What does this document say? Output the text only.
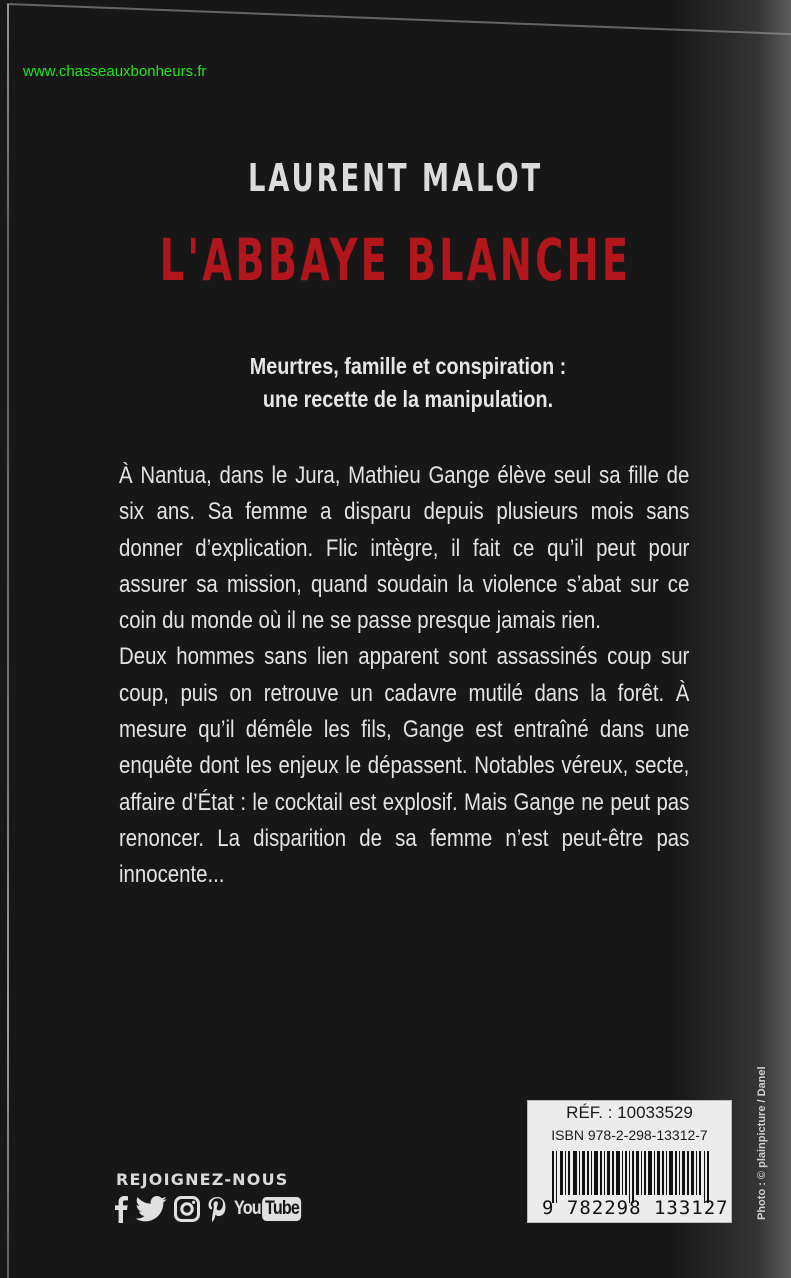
www.chasseauxbonheurs.fr
LAURENT MALOT
L'ABBAYE BLANCHE
Meurtres, famille et conspiration :
une recette de la manipulation.

À Nantua, dans le Jura, Mathieu Gange élève seul sa fille de six ans. Sa femme a disparu depuis plusieurs mois sans donner d’explication. Flic intègre, il fait ce qu’il peut pour assurer sa mission, quand soudain la violence s’abat sur ce coin du monde où il ne se passe presque jamais rien.

Deux hommes sans lien apparent sont assassinés coup sur coup, puis on retrouve un cadavre mutilé dans la forêt. À mesure qu’il démêle les fils, Gange est entraîné dans une enquête dont les enjeux le dépassent. Notables véreux, secte, affaire d’État : le cocktail est explosif. Mais Gange ne peut pas renoncer. La disparition de sa femme n’est peut-être pas innocente...

REJOIGNEZ-NOUS
You Tube
RÉF. : 10033529
ISBN 978-2-298-13312-7
9 782298 133127 Photo : © plainpicture / Danel
